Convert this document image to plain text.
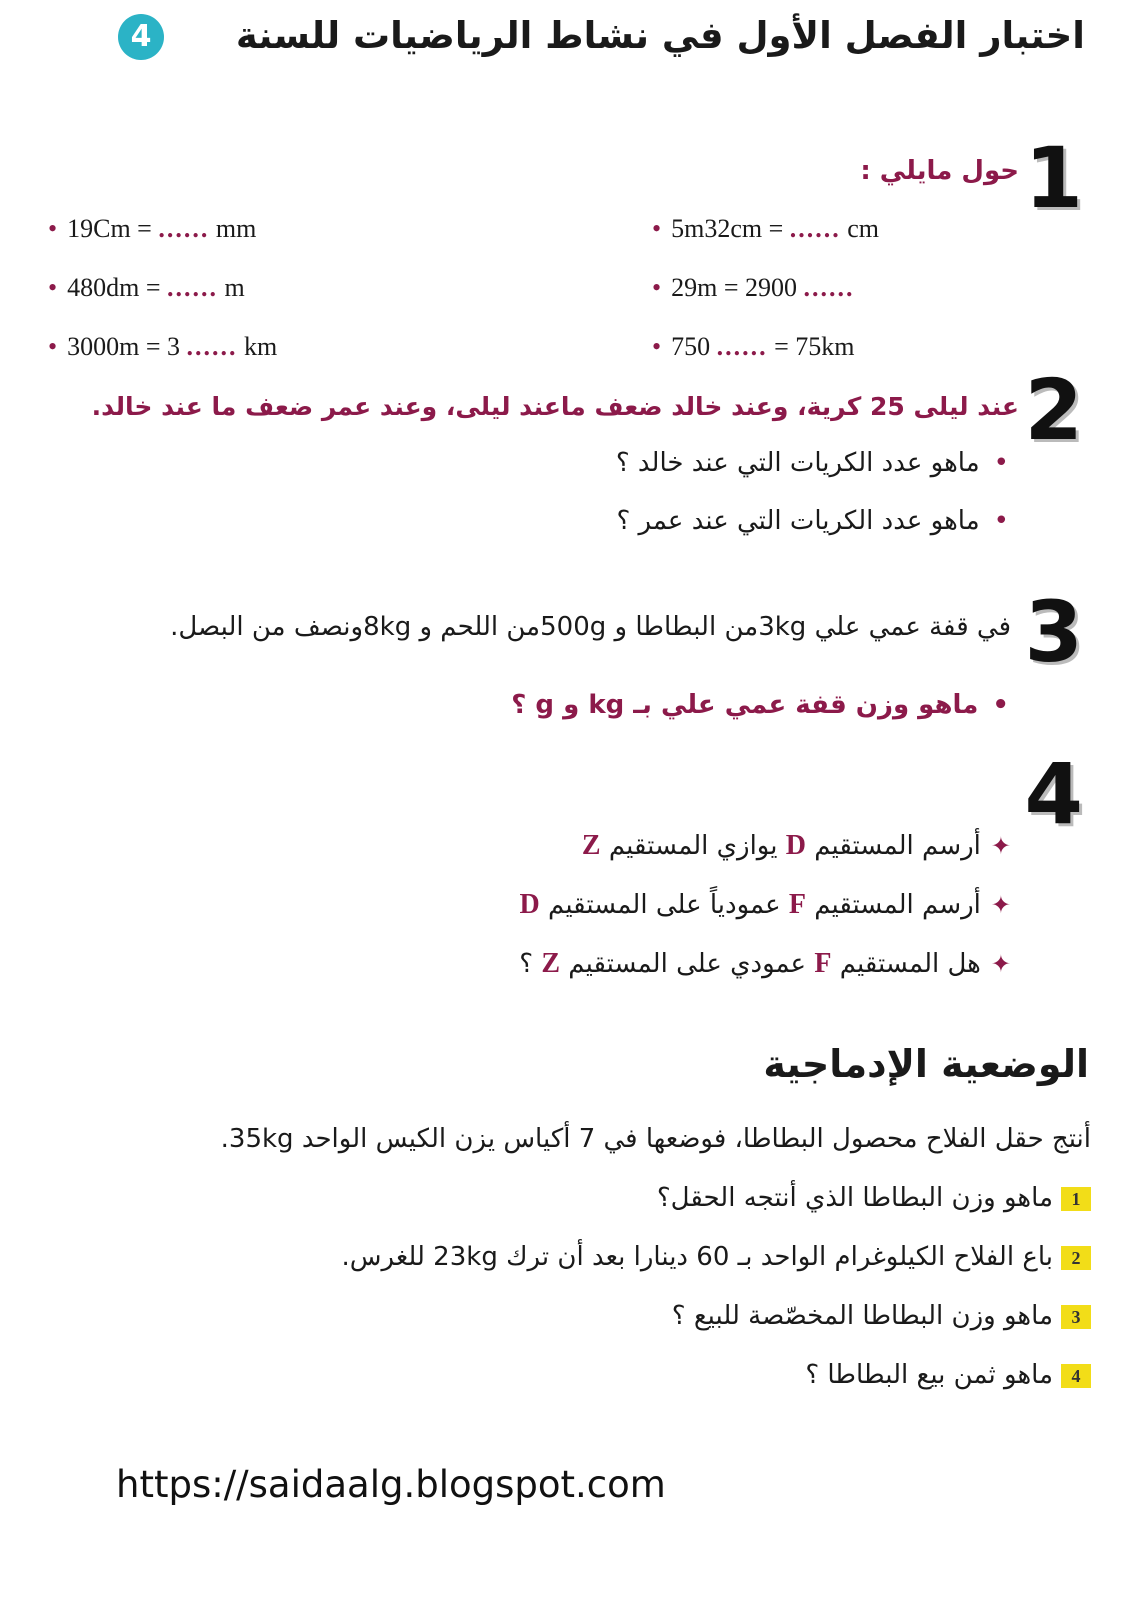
اختبار الفصل الأول في نشاط الرياضيات للسنة
4
1
حول مايلي :
• 5m32cm = ...... cm
• 29m = 2900 ......
• 750 ...... = 75km
• 19Cm = ...... mm
• 480dm = ...... m
• 3000m = 3 ...... km
2
عند ليلى 25 كرية، وعند خالد ضعف ماعند ليلى، وعند عمر ضعف ما عند خالد.
•ماهو عدد الكريات التي عند خالد ؟
•ماهو عدد الكريات التي عند عمر ؟
3
في قفة عمي علي 3kgمن البطاطا و 500gمن اللحم و 8kgونصف من البصل.
•ماهو وزن قفة عمي علي بـ kg و g ؟
4
✦أرسم المستقيم D يوازي المستقيم Z
✦أرسم المستقيم F عمودياً على المستقيم D
✦هل المستقيم F عمودي على المستقيم Z ؟
الوضعية الإدماجية
أنتج حقل الفلاح محصول البطاطا، فوضعها في 7 أكياس يزن الكيس الواحد 35kg.
1ماهو وزن البطاطا الذي أنتجه الحقل؟
2باع الفلاح الكيلوغرام الواحد بـ 60 دينارا بعد أن ترك 23kg للغرس.
3ماهو وزن البطاطا المخصّصة للبيع ؟
4ماهو ثمن بيع البطاطا ؟
https://saidaalg.blogspot.com
